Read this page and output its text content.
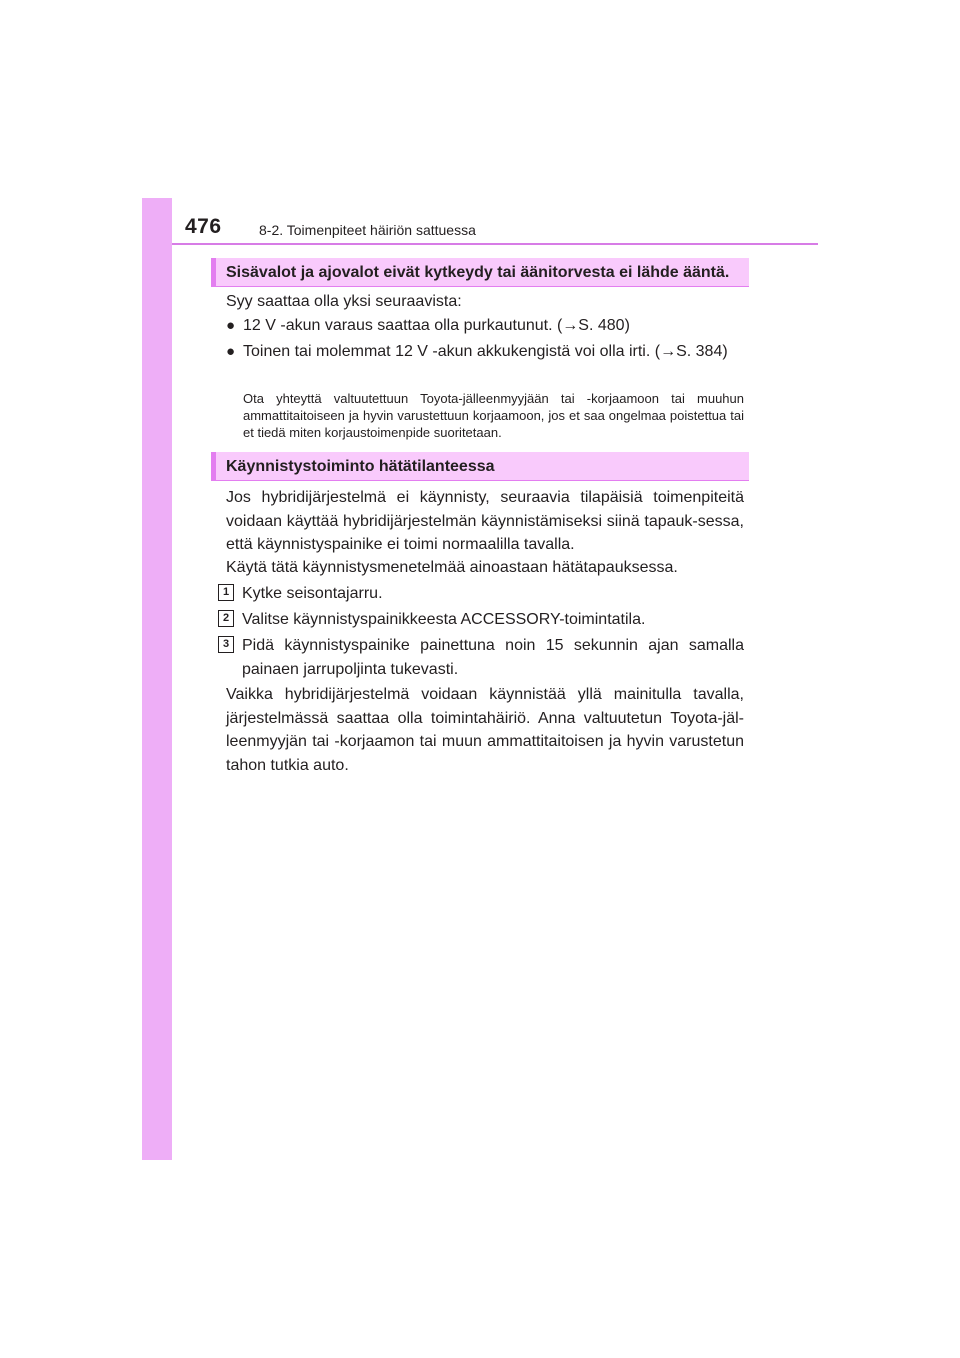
476	8-2. Toimenpiteet häiriön sattuessa
Sisävalot ja ajovalot eivät kytkeydy tai äänitorvesta ei lähde ääntä.
Syy saattaa olla yksi seuraavista:
● 12 V -akun varaus saattaa olla purkautunut. (→S. 480)
● Toinen tai molemmat 12 V -akun akkukengistä voi olla irti. (→S. 384)
Ota yhteyttä valtuutettuun Toyota-jälleenmyyjään tai -korjaamoon tai muuhun ammattitaitoiseen ja hyvin varustettuun korjaamoon, jos et saa ongelmaa poistettua tai et tiedä miten korjaustoimenpide suoritetaan.
Käynnistystoiminto hätätilanteessa
Jos hybridijärjestelmä ei käynnisty, seuraavia tilapäisiä toimenpiteitä voidaan käyttää hybridijärjestelmän käynnistämiseksi siinä tapauk-sessa, että käynnistyspainike ei toimi normaalilla tavalla.
Käytä tätä käynnistysmenetelmää ainoastaan hätätapauksessa.
1 Kytke seisontajarru.
2 Valitse käynnistyspainikkeesta ACCESSORY-toimintatila.
3 Pidä käynnistyspainike painettuna noin 15 sekunnin ajan samalla painaen jarrupoljinta tukevasti.
Vaikka hybridijärjestelmä voidaan käynnistää yllä mainitulla tavalla, järjestelmässä saattaa olla toimintahäiriö. Anna valtuutetun Toyota-jäl-leenmyyjän tai -korjaamon tai muun ammattitaitoisen ja hyvin varustetun tahon tutkia auto.
